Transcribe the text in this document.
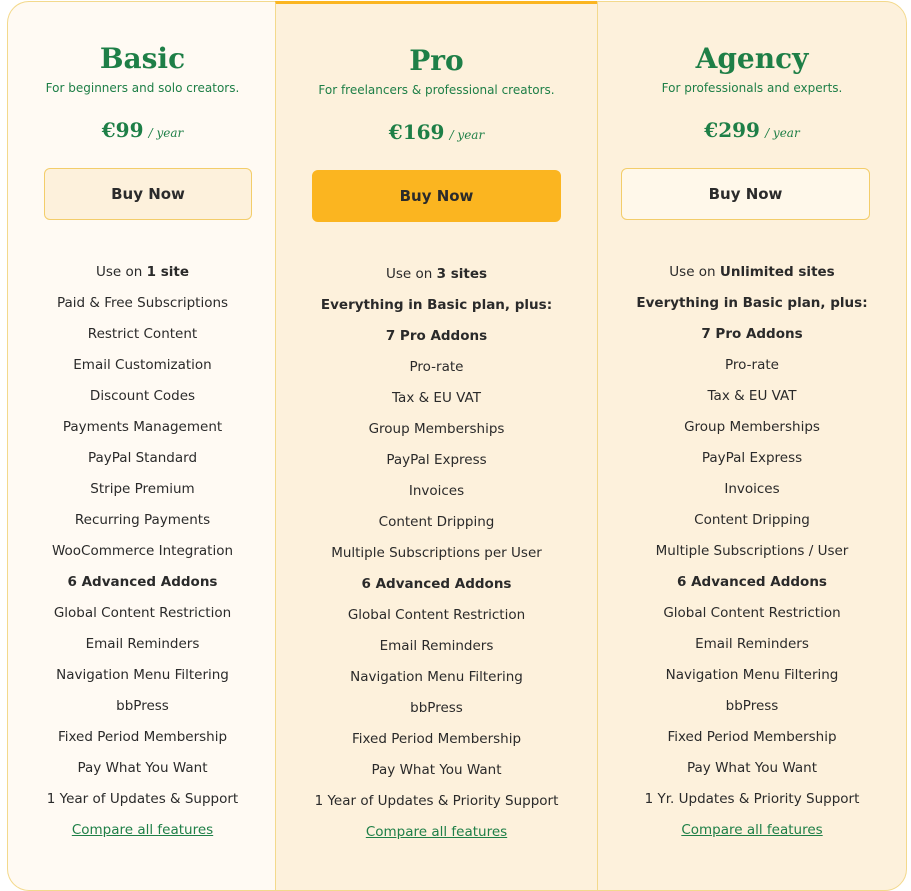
Basic
For beginners and solo creators.
€99 / year
Buy Now
Use on 1 site
Paid & Free Subscriptions
Restrict Content
Email Customization
Discount Codes
Payments Management
PayPal Standard
Stripe Premium
Recurring Payments
WooCommerce Integration
6 Advanced Addons
Global Content Restriction
Email Reminders
Navigation Menu Filtering
bbPress
Fixed Period Membership
Pay What You Want
1 Year of Updates & Support
Compare all features
Pro
For freelancers & professional creators.
€169 / year
Buy Now
Use on 3 sites
Everything in Basic plan, plus:
7 Pro Addons
Pro-rate
Tax & EU VAT
Group Memberships
PayPal Express
Invoices
Content Dripping
Multiple Subscriptions per User
6 Advanced Addons
Global Content Restriction
Email Reminders
Navigation Menu Filtering
bbPress
Fixed Period Membership
Pay What You Want
1 Year of Updates & Priority Support
Compare all features
Agency
For professionals and experts.
€299 / year
Buy Now
Use on Unlimited sites
Everything in Basic plan, plus:
7 Pro Addons
Pro-rate
Tax & EU VAT
Group Memberships
PayPal Express
Invoices
Content Dripping
Multiple Subscriptions / User
6 Advanced Addons
Global Content Restriction
Email Reminders
Navigation Menu Filtering
bbPress
Fixed Period Membership
Pay What You Want
1 Yr. Updates & Priority Support
Compare all features
